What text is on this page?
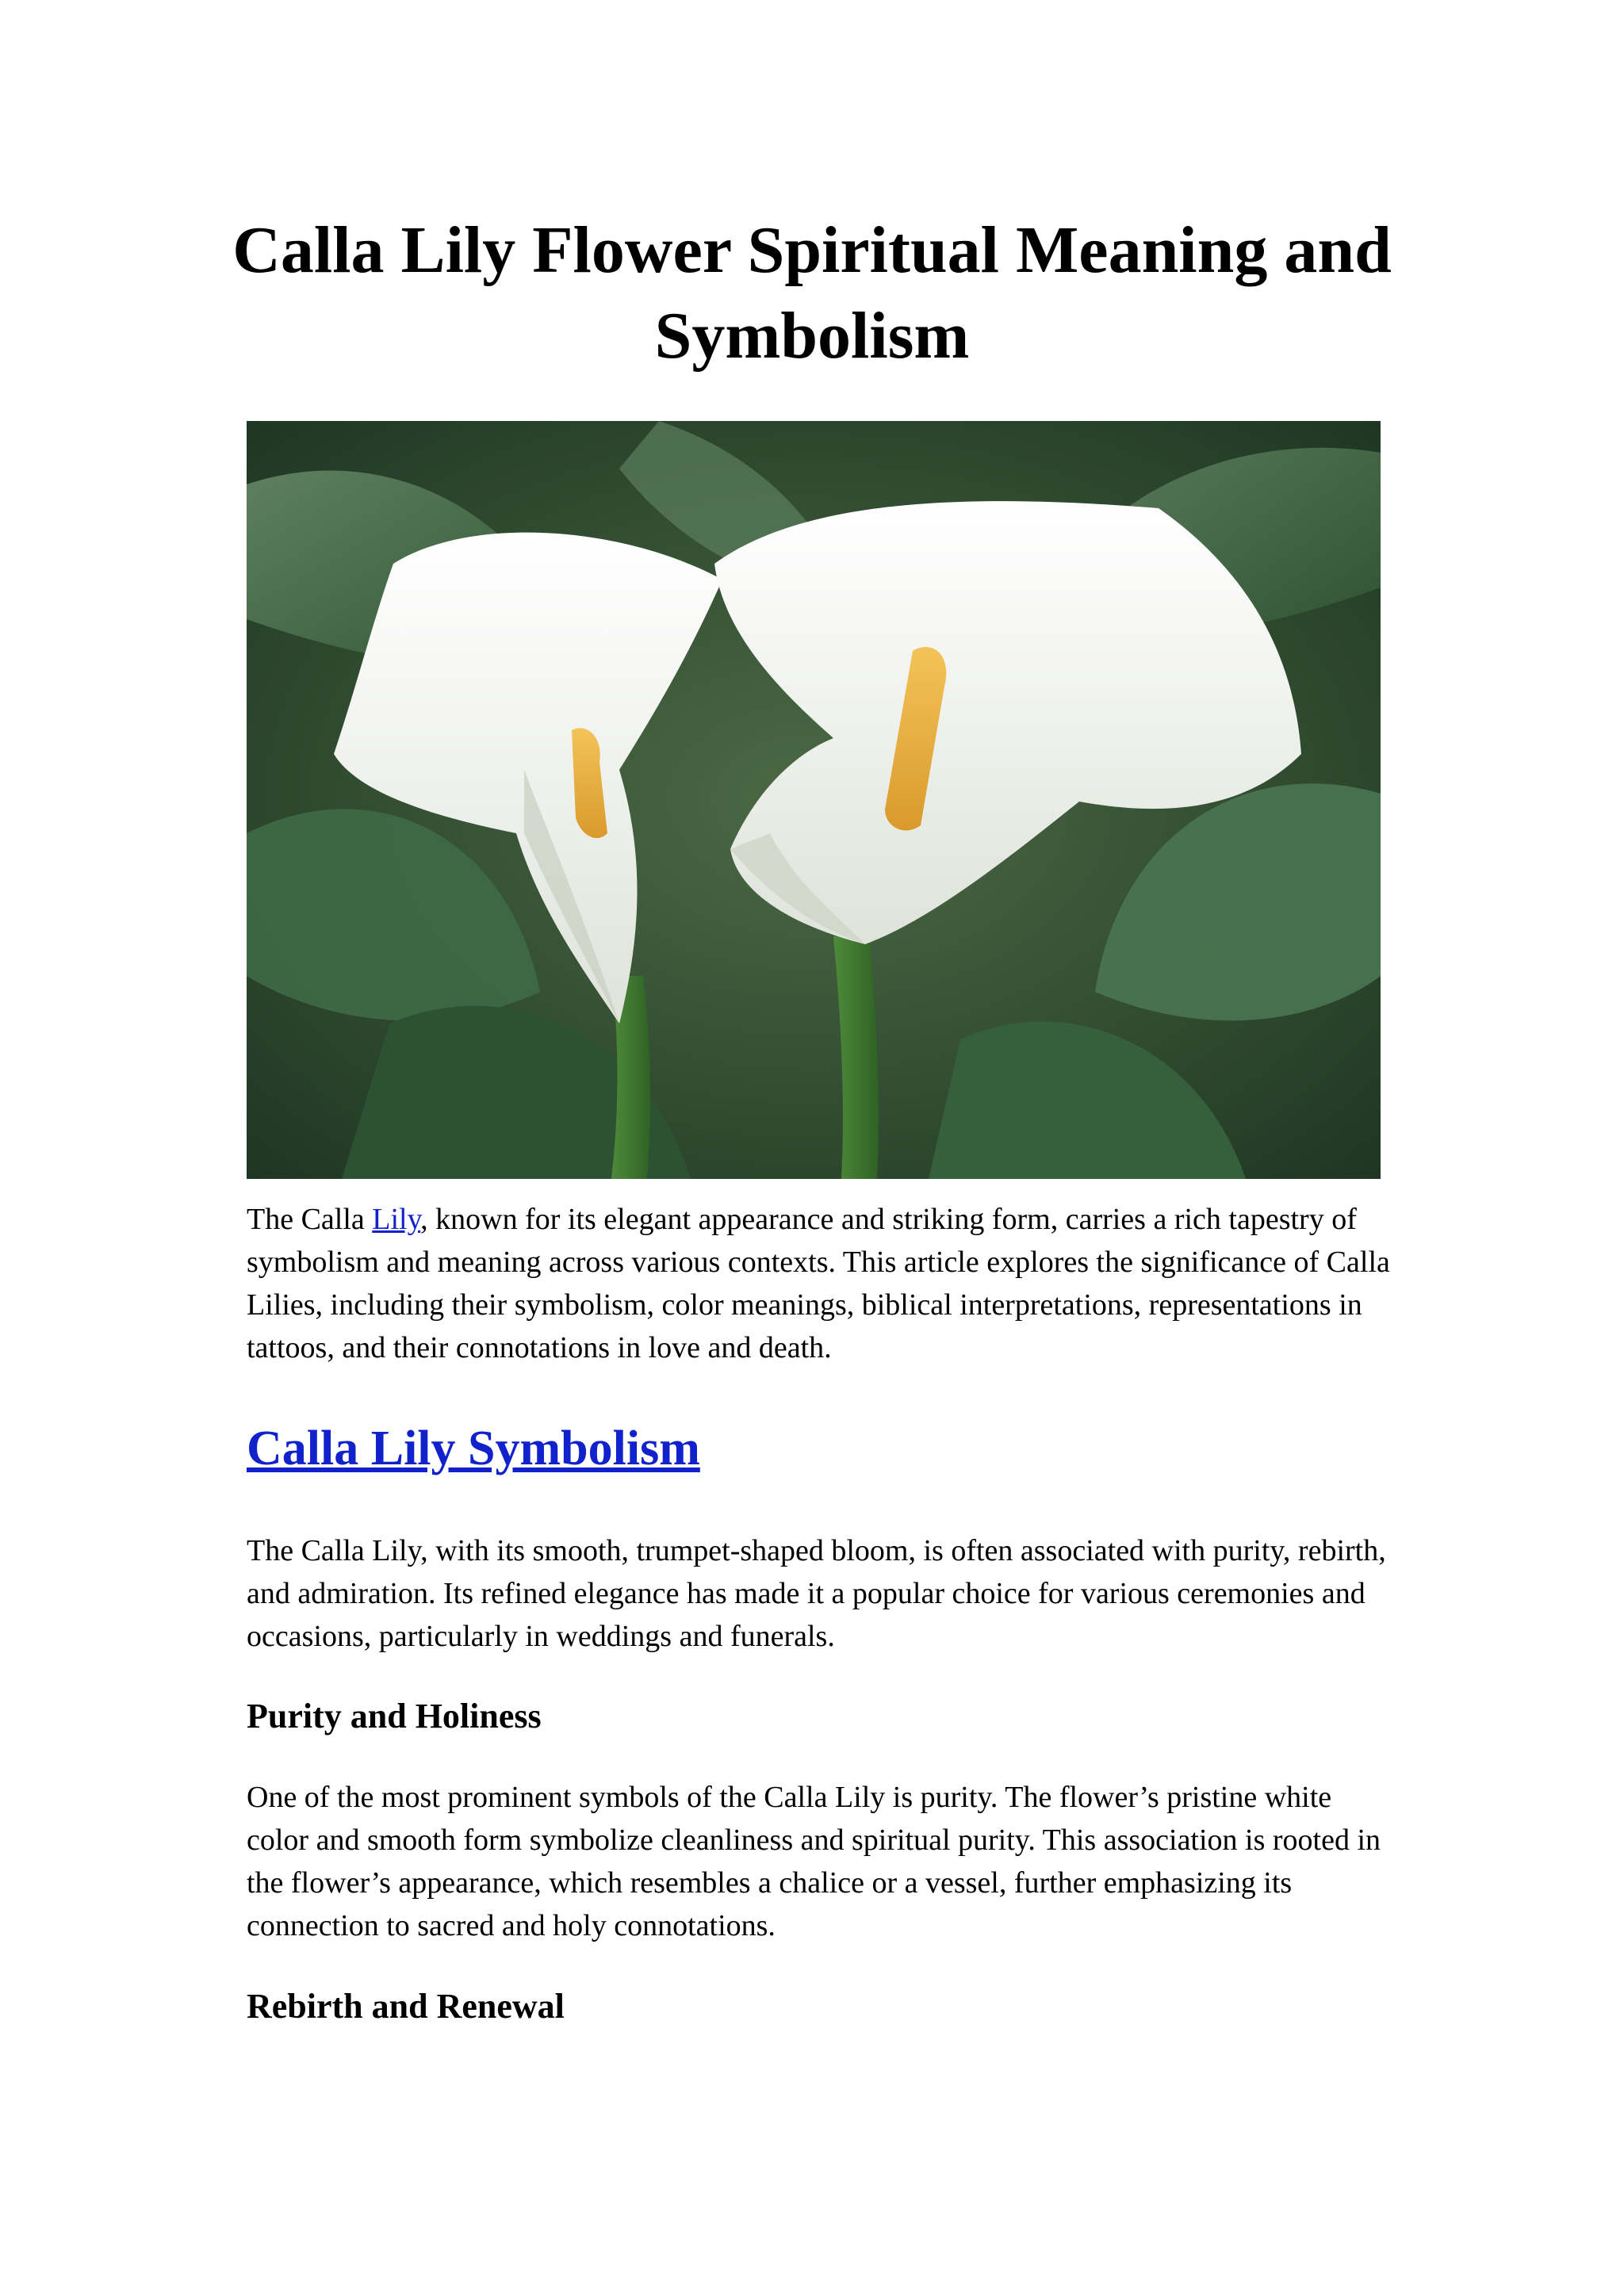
Calla Lily Flower Spiritual Meaning and Symbolism

The Calla Lily, known for its elegant appearance and striking form, carries a rich tapestry of symbolism and meaning across various contexts. This article explores the significance of Calla Lilies, including their symbolism, color meanings, biblical interpretations, representations in tattoos, and their connotations in love and death.

Calla Lily Symbolism

The Calla Lily, with its smooth, trumpet-shaped bloom, is often associated with purity, rebirth, and admiration. Its refined elegance has made it a popular choice for various ceremonies and occasions, particularly in weddings and funerals.

Purity and Holiness

One of the most prominent symbols of the Calla Lily is purity. The flower’s pristine white color and smooth form symbolize cleanliness and spiritual purity. This association is rooted in the flower’s appearance, which resembles a chalice or a vessel, further emphasizing its connection to sacred and holy connotations.

Rebirth and Renewal
